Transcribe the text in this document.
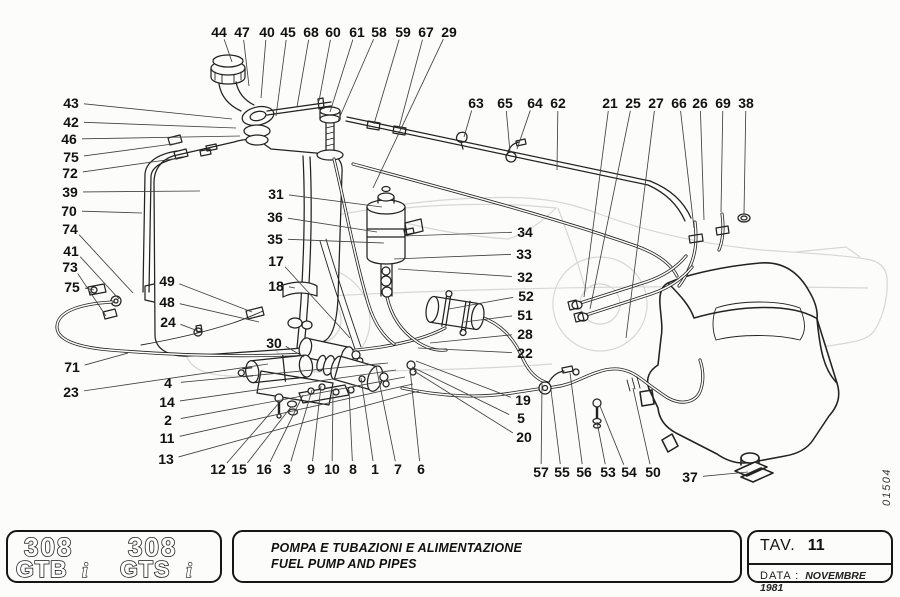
44 47 40 45 68 60 61 58 59 67 29
63 65 64 62	21 25 27 66 26 69 38
43
42
46
75
72
39
70
74
41
73
75	49
48
24
30
71
23
4
14
2
11
13
31
36
35
17
18
34
33
32
52
51
28
22
19
5
20
12 15 16 3 9 10 8 1 7 6	57 55 56 53 54 50 37
308
GTB i
308
GTS i
POMPA E TUBAZIONI E ALIMENTAZIONE
FUEL PUMP AND PIPES
TAV. 11
DATA : NOVEMBRE 1981
01504
